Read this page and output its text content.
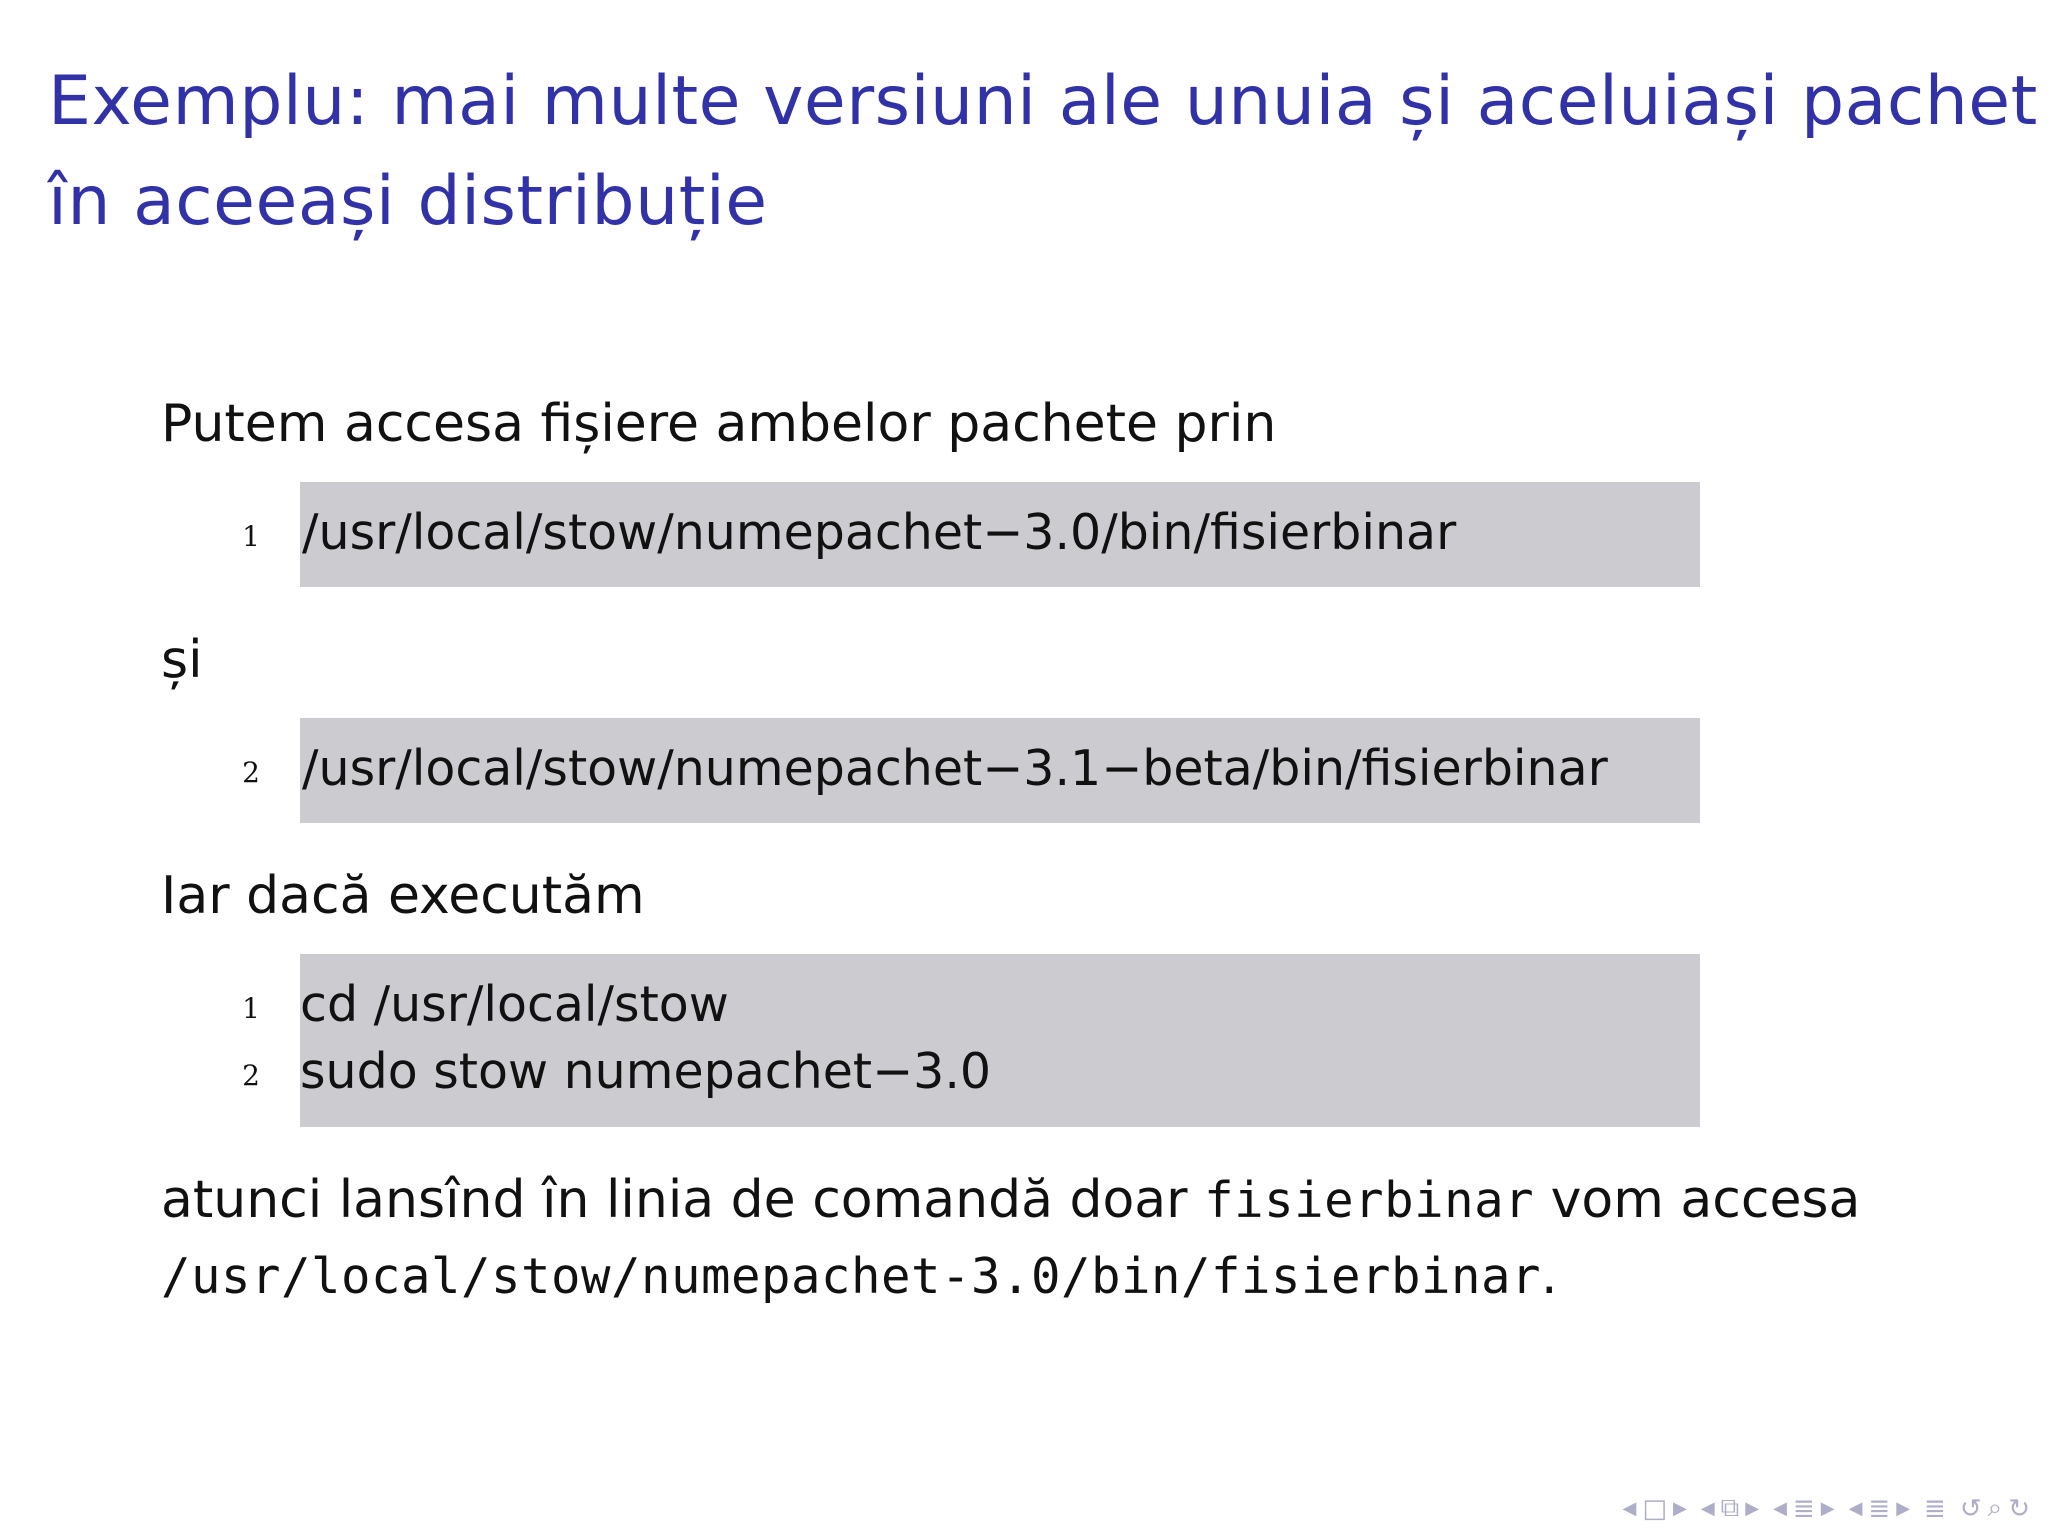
Exemplu: mai multe versiuni ale unuia și aceluiași pachet
în aceeași distribuție
Putem accesa fișiere ambelor pachete prin
1 /usr/local/stow/numepachet−3.0/bin/fisierbinar
și
2 /usr/local/stow/numepachet−3.1−beta/bin/fisierbinar
Iar dacă executăm
1 cd /usr/local/stow
2 sudo stow numepachet−3.0
atunci lansînd în linia de comandă doar fisierbinar vom accesa
/usr/local/stow/numepachet-3.0/bin/fisierbinar.
◀ □ ▶ ◀ ⧉ ▶ ◀ ≣ ▶ ◀ ≣ ▶ ≣ ↺ ⌕ ↻
